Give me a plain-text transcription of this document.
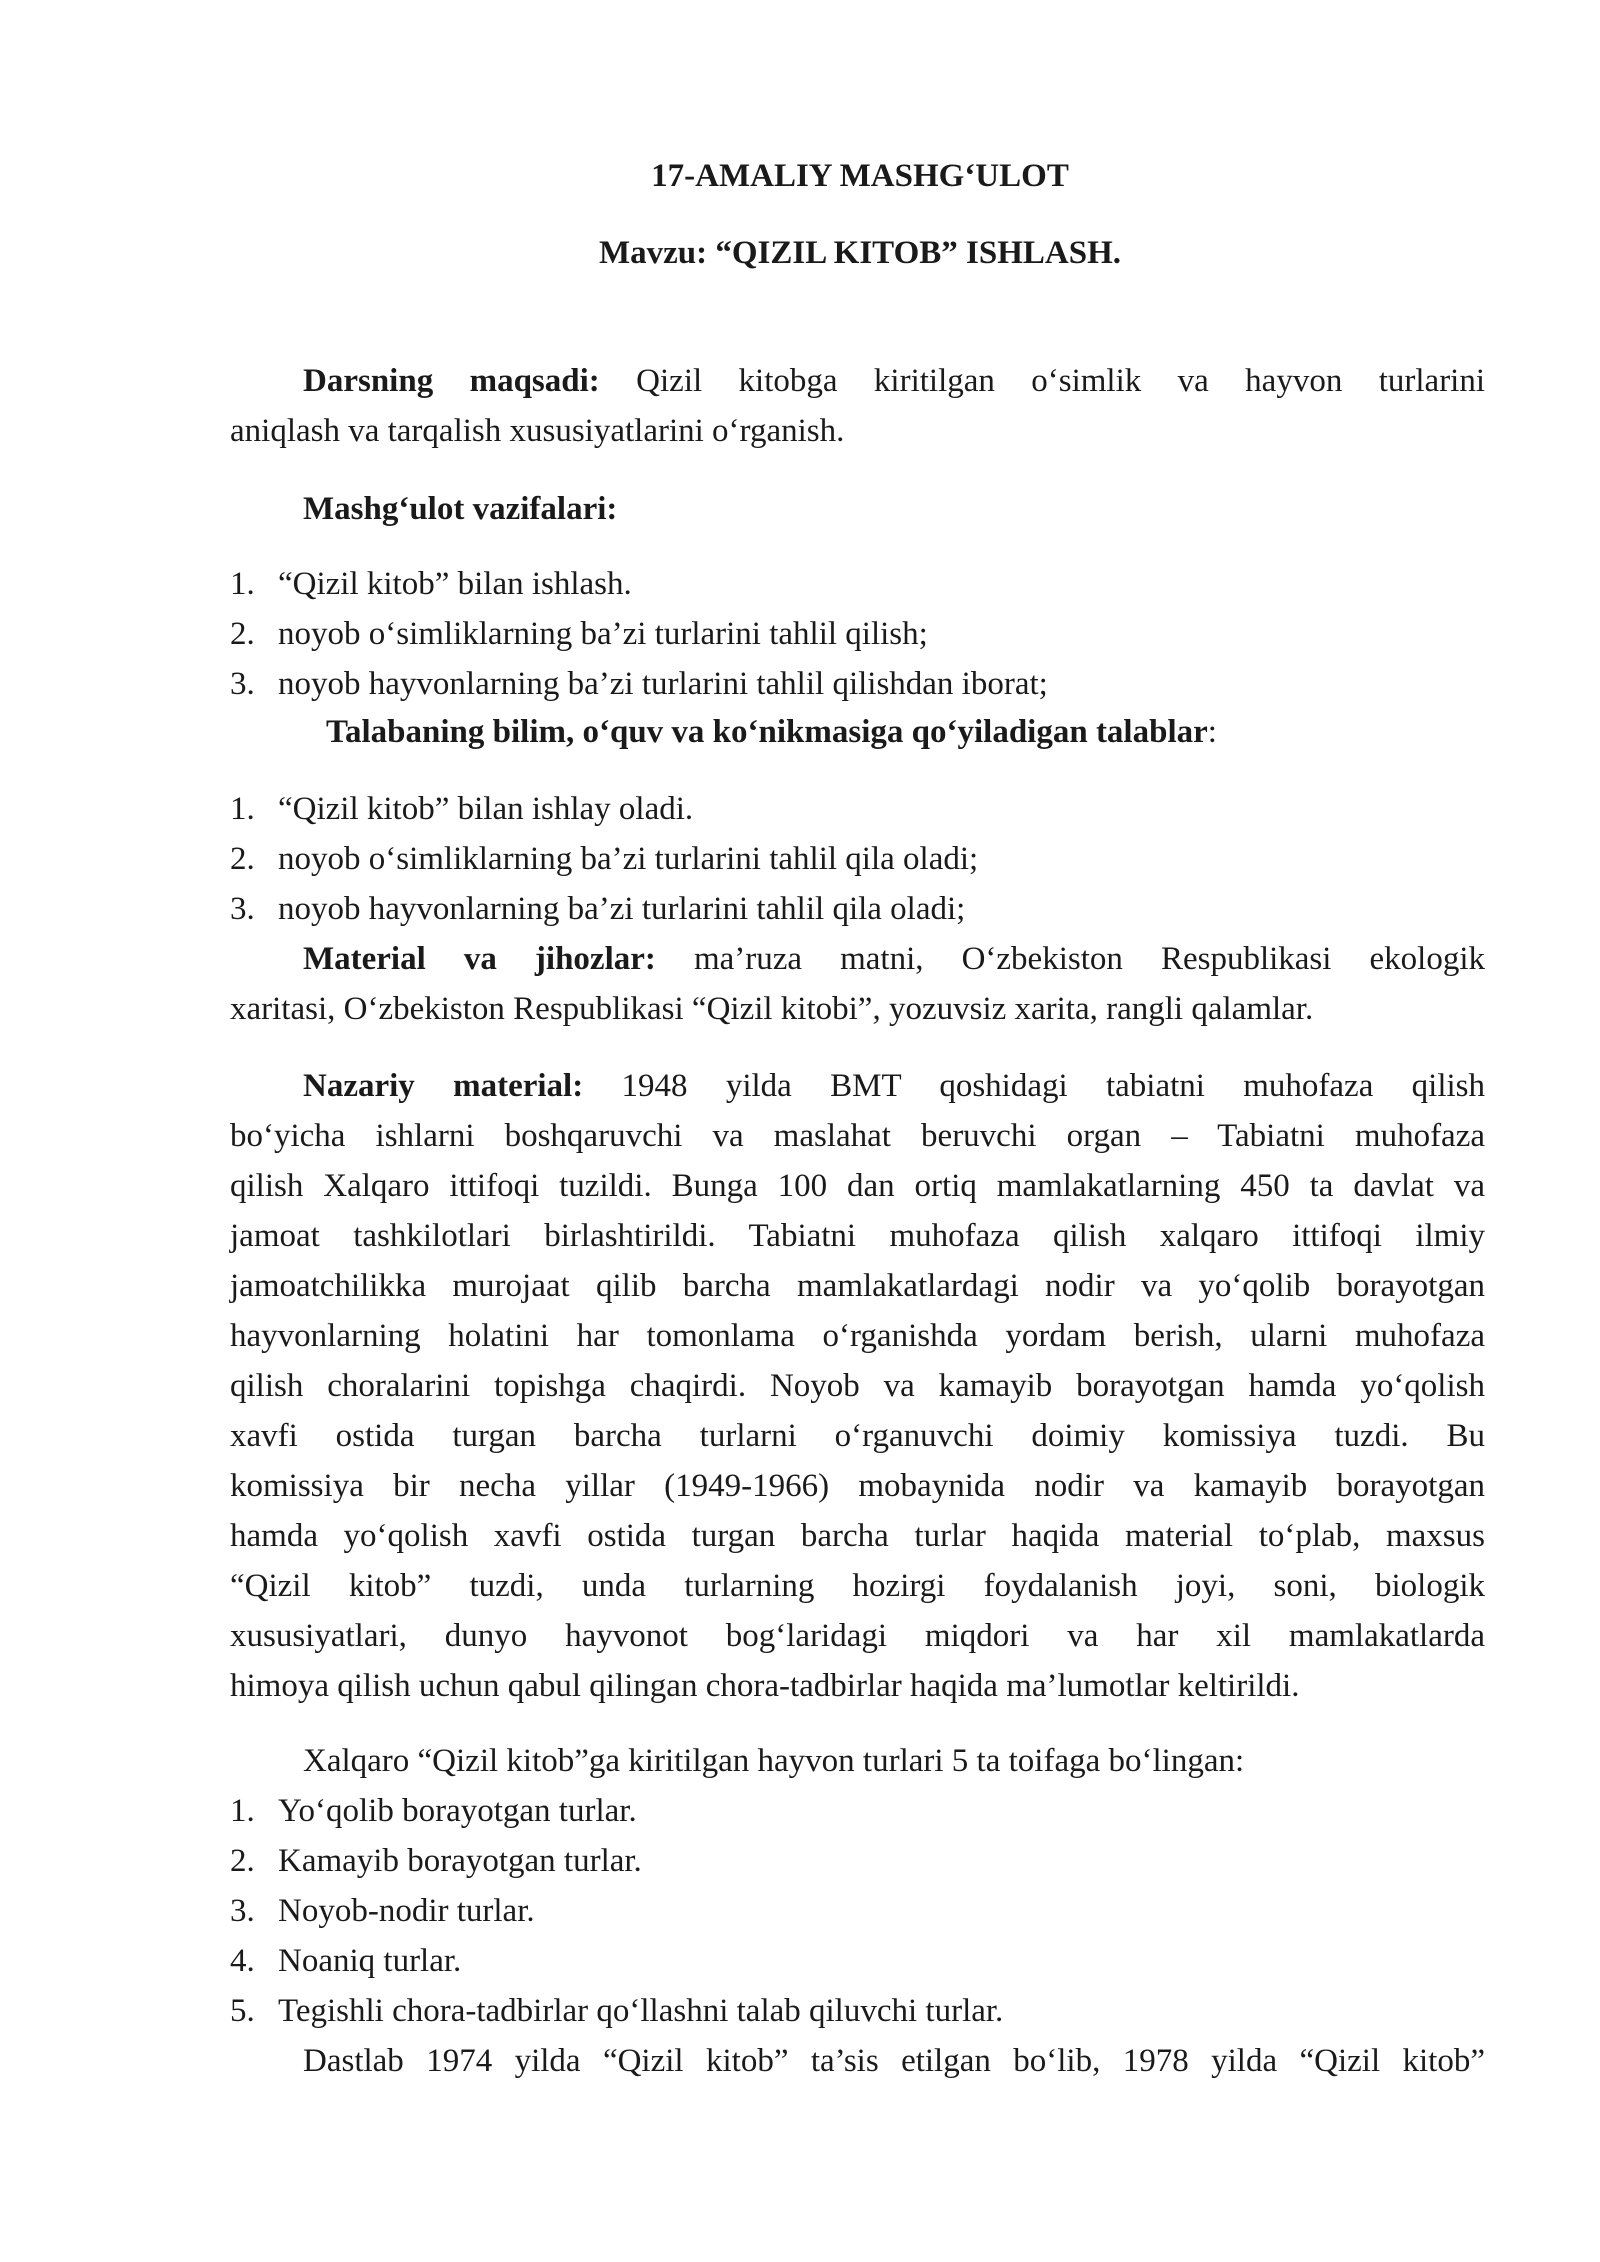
17-AMALIY MASHG‘ULOT
Mavzu: “QIZIL KITOB” ISHLASH.
Darsning maqsadi: Qizil kitobga kiritilgan o‘simlik va hayvon turlarini
aniqlash va tarqalish xususiyatlarini o‘rganish.
Mashg‘ulot vazifalari:
1. “Qizil kitob” bilan ishlash.
2. noyob o‘simliklarning ba’zi turlarini tahlil qilish;
3. noyob hayvonlarning ba’zi turlarini tahlil qilishdan iborat;
Talabaning bilim, o‘quv va ko‘nikmasiga qo‘yiladigan talablar:
1. “Qizil kitob” bilan ishlay oladi.
2. noyob o‘simliklarning ba’zi turlarini tahlil qila oladi;
3. noyob hayvonlarning ba’zi turlarini tahlil qila oladi;
Material va jihozlar: ma’ruza matni, O‘zbekiston Respublikasi ekologik
xaritasi, O‘zbekiston Respublikasi “Qizil kitobi”, yozuvsiz xarita, rangli qalamlar.
Nazariy material: 1948 yilda BMT qoshidagi tabiatni muhofaza qilish
bo‘yicha ishlarni boshqaruvchi va maslahat beruvchi organ – Tabiatni muhofaza
qilish Xalqaro ittifoqi tuzildi. Bunga 100 dan ortiq mamlakatlarning 450 ta davlat va
jamoat tashkilotlari birlashtirildi. Tabiatni muhofaza qilish xalqaro ittifoqi ilmiy
jamoatchilikka murojaat qilib barcha mamlakatlardagi nodir va yo‘qolib borayotgan
hayvonlarning holatini har tomonlama o‘rganishda yordam berish, ularni muhofaza
qilish choralarini topishga chaqirdi. Noyob va kamayib borayotgan hamda yo‘qolish
xavfi ostida turgan barcha turlarni o‘rganuvchi doimiy komissiya tuzdi. Bu
komissiya bir necha yillar (1949-1966) mobaynida nodir va kamayib borayotgan
hamda yo‘qolish xavfi ostida turgan barcha turlar haqida material to‘plab, maxsus
“Qizil kitob” tuzdi, unda turlarning hozirgi foydalanish joyi, soni, biologik
xususiyatlari, dunyo hayvonot bog‘laridagi miqdori va har xil mamlakatlarda
himoya qilish uchun qabul qilingan chora-tadbirlar haqida ma’lumotlar keltirildi.
Xalqaro “Qizil kitob”ga kiritilgan hayvon turlari 5 ta toifaga bo‘lingan:
1. Yo‘qolib borayotgan turlar.
2. Kamayib borayotgan turlar.
3. Noyob-nodir turlar.
4. Noaniq turlar.
5. Tegishli chora-tadbirlar qo‘llashni talab qiluvchi turlar.
Dastlab 1974 yilda “Qizil kitob” ta’sis etilgan bo‘lib, 1978 yilda “Qizil kitob”
